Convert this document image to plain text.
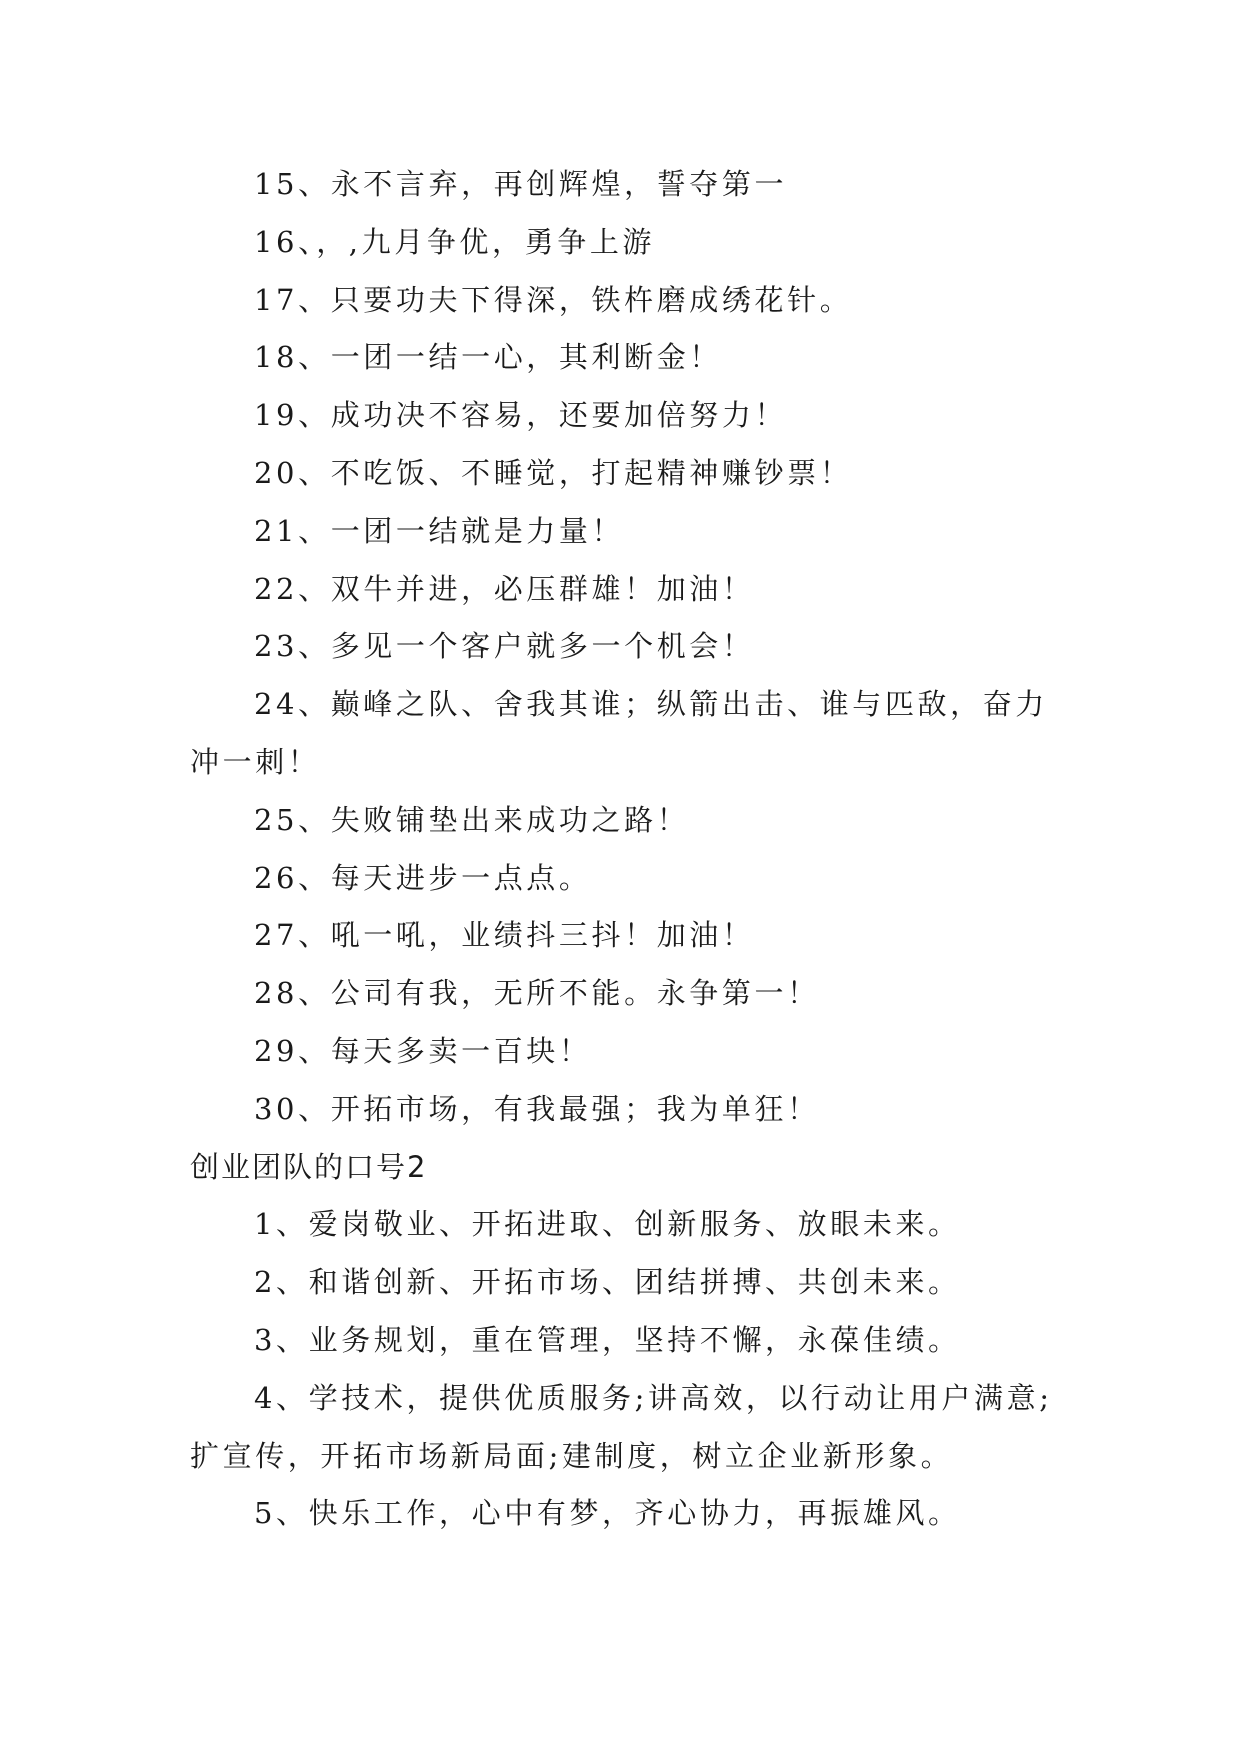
15、永不言弃，再创辉煌，誓夺第一

16、，,九月争优，勇争上游

17、只要功夫下得深，铁杵磨成绣花针。

18、一团一结一心，其利断金！

19、成功决不容易，还要加倍努力！

20、不吃饭、不睡觉，打起精神赚钞票！

21、一团一结就是力量！

22、双牛并进，必压群雄！加油！

23、多见一个客户就多一个机会！

24、巅峰之队、舍我其谁；纵箭出击、谁与匹敌，奋力冲一刺！

25、失败铺垫出来成功之路！

26、每天进步一点点。

27、吼一吼，业绩抖三抖！加油！

28、公司有我，无所不能。永争第一！

29、每天多卖一百块！

30、开拓市场，有我最强；我为单狂！

创业团队的口号2

1、爱岗敬业、开拓进取、创新服务、放眼未来。

2、和谐创新、开拓市场、团结拼搏、共创未来。

3、业务规划，重在管理，坚持不懈，永葆佳绩。

4、学技术，提供优质服务;讲高效，以行动让用户满意;扩宣传，开拓市场新局面;建制度，树立企业新形象。

5、快乐工作，心中有梦，齐心协力，再振雄风。
